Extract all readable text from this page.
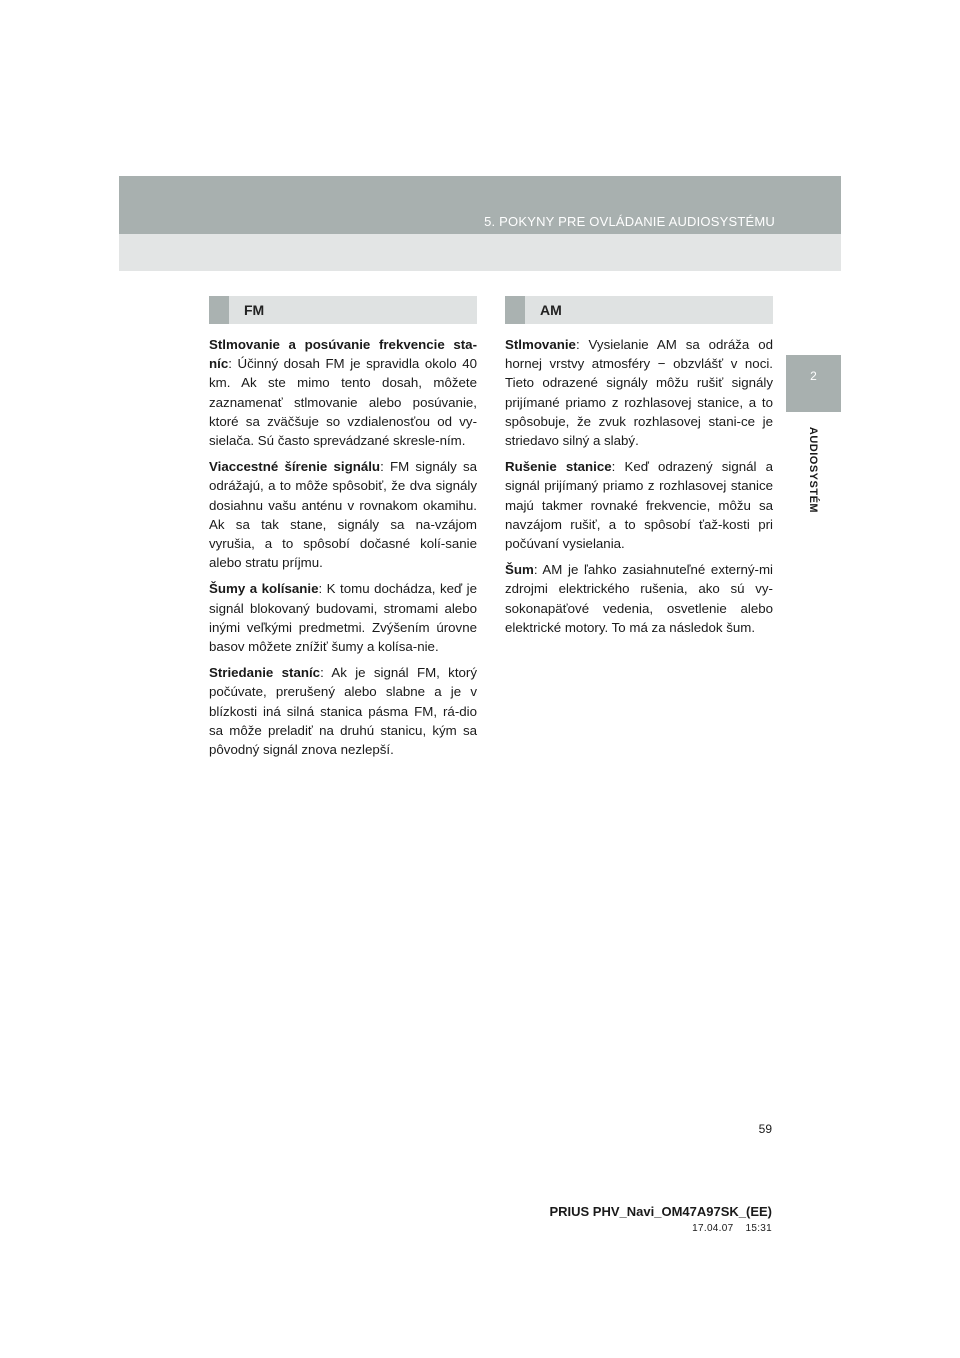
5. POKYNY PRE OVLÁDANIE AUDIOSYSTÉMU
2
AUDIOSYSTÉM
FM

Stlmovanie a posúvanie frekvencie sta-níc: Účinný dosah FM je spravidla okolo 40 km. Ak ste mimo tento dosah, môžete zaznamenať stlmovanie alebo posúvanie, ktoré sa zväčšuje so vzdialenosťou od vy-sielača. Sú často sprevádzané skresle-ním.

Viaccestné šírenie signálu: FM signály sa odrážajú, a to môže spôsobiť, že dva signály dosiahnu vašu anténu v rovnakom okamihu. Ak sa tak stane, signály sa na-vzájom vyrušia, a to spôsobí dočasné kolí-sanie alebo stratu príjmu.

Šumy a kolísanie: K tomu dochádza, keď je signál blokovaný budovami, stromami alebo inými veľkými predmetmi. Zvýšením úrovne basov môžete znížiť šumy a kolísa-nie.

Striedanie staníc: Ak je signál FM, ktorý počúvate, prerušený alebo slabne a je v blízkosti iná silná stanica pásma FM, rá-dio sa môže preladiť na druhú stanicu, kým sa pôvodný signál znova nezlepší.

AM

Stlmovanie: Vysielanie AM sa odráža od hornej vrstvy atmosféry − obzvlášť v noci. Tieto odrazené signály môžu rušiť signály prijímané priamo z rozhlasovej stanice, a to spôsobuje, že zvuk rozhlasovej stani-ce je striedavo silný a slabý.

Rušenie stanice: Keď odrazený signál a signál prijímaný priamo z rozhlasovej stanice majú takmer rovnaké frekvencie, môžu sa navzájom rušiť, a to spôsobí ťaž-kosti pri počúvaní vysielania.

Šum: AM je ľahko zasiahnuteľné externý-mi zdrojmi elektrického rušenia, ako sú vy-sokonapäťové vedenia, osvetlenie alebo elektrické motory. To má za následok šum.

59
PRIUS PHV_Navi_OM47A97SK_(EE)
17.04.07 15:31
